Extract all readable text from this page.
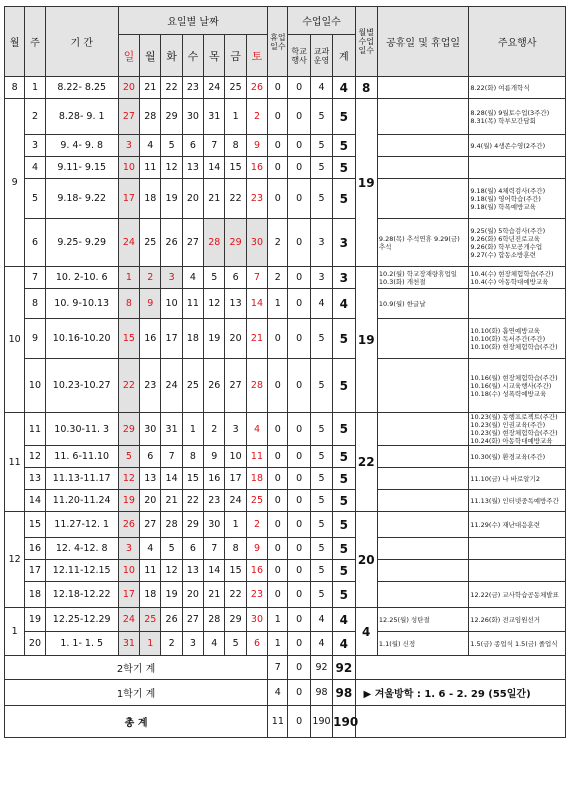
월	주	기 간	요일별 날짜							휴업일수	수업일수			월별수업일수	공휴일 및 휴업일	주요행사
			일	월	화	수	목	금	토		학교행사	교과운영	계			
8	1	8.22- 8.25	20	21	22	23	24	25	26	0	0	4	4	8		8.22(화) 여름개학식
9	2	8.28- 9. 1	27	28	29	30	31	1	2	0	0	5	5	19		8.28(월) 9월토수업(3주간) 8.31(목) 학부모간담회
	3	9. 4- 9. 8	3	4	5	6	7	8	9	0	0	5	5			9.4(월) 4생존수영(2주간)
	4	9.11- 9.15	10	11	12	13	14	15	16	0	0	5	5			
	5	9.18- 9.22	17	18	19	20	21	22	23	0	0	5	5			9.18(월) 4체력검사(주간) 9.18(월) 영어학습(주간) 9.18(월) 학폭예방교육
	6	9.25- 9.29	24	25	26	27	28	29	30	2	0	3	3		9.28(목) 추석연휴 9.29(금) 추석	9.25(월) 5학습검사(주간) 9.26(화) 6학년진로교육 9.26(화) 학부모공개수업 9.27(수) 합동소방훈련
10	7	10. 2-10. 6	1	2	3	4	5	6	7	2	0	3	3	19	10.2(월) 학교장재량휴업일 10.3(화) 개천절	10.4(수) 현장체험학습(주간) 10.4(수) 아동학대예방교육
	8	10. 9-10.13	8	9	10	11	12	13	14	1	0	4	4		10.9(월) 한글날	
	9	10.16-10.20	15	16	17	18	19	20	21	0	0	5	5			10.10(화) 흡연예방교육 10.10(화) 독서주간(주간) 10.10(화) 현장체험학습(주간)
	10	10.23-10.27	22	23	24	25	26	27	28	0	0	5	5			10.16(월) 현장체험학습(주간) 10.16(월) 시교육행사(주간) 10.18(수) 성폭력예방교육
11	11	10.30-11. 3	29	30	31	1	2	3	4	0	0	5	5	22		10.23(월) 동행프로젝트(주간) 10.23(월) 인권교육(주간) 10.23(월) 현장체험학습(주간) 10.24(화) 아동학대예방교육
	12	11. 6-11.10	5	6	7	8	9	10	11	0	0	5	5			10.30(월) 환경교육(주간)
	13	11.13-11.17	12	13	14	15	16	17	18	0	0	5	5			11.10(금) 나 바로알기2
	14	11.20-11.24	19	20	21	22	23	24	25	0	0	5	5			11.13(월) 인터넷중독예방주간
12	15	11.27-12. 1	26	27	28	29	30	1	2	0	0	5	5	20		11.29(수) 재난대응훈련
	16	12. 4-12. 8	3	4	5	6	7	8	9	0	0	5	5			
	17	12.11-12.15	10	11	12	13	14	15	16	0	0	5	5			
	18	12.18-12.22	17	18	19	20	21	22	23	0	0	5	5			12.22(금) 교사학습공동체발표
1	19	12.25-12.29	24	25	26	27	28	29	30	1	0	4	4	4	12.25(월) 성탄절	12.26(화) 전교임원선거
	20	1. 1- 1. 5	31	1	2	3	4	5	6	1	0	4	4		1.1(월) 신정	1.5(금) 종업식 1.5(금) 졸업식
2학기 계										7	0	92	92			
1학기 계										4	0	98	98	▶ 겨울방학 : 1. 6 - 2. 29 (55일간)		
총 계										11	0	190	190			
